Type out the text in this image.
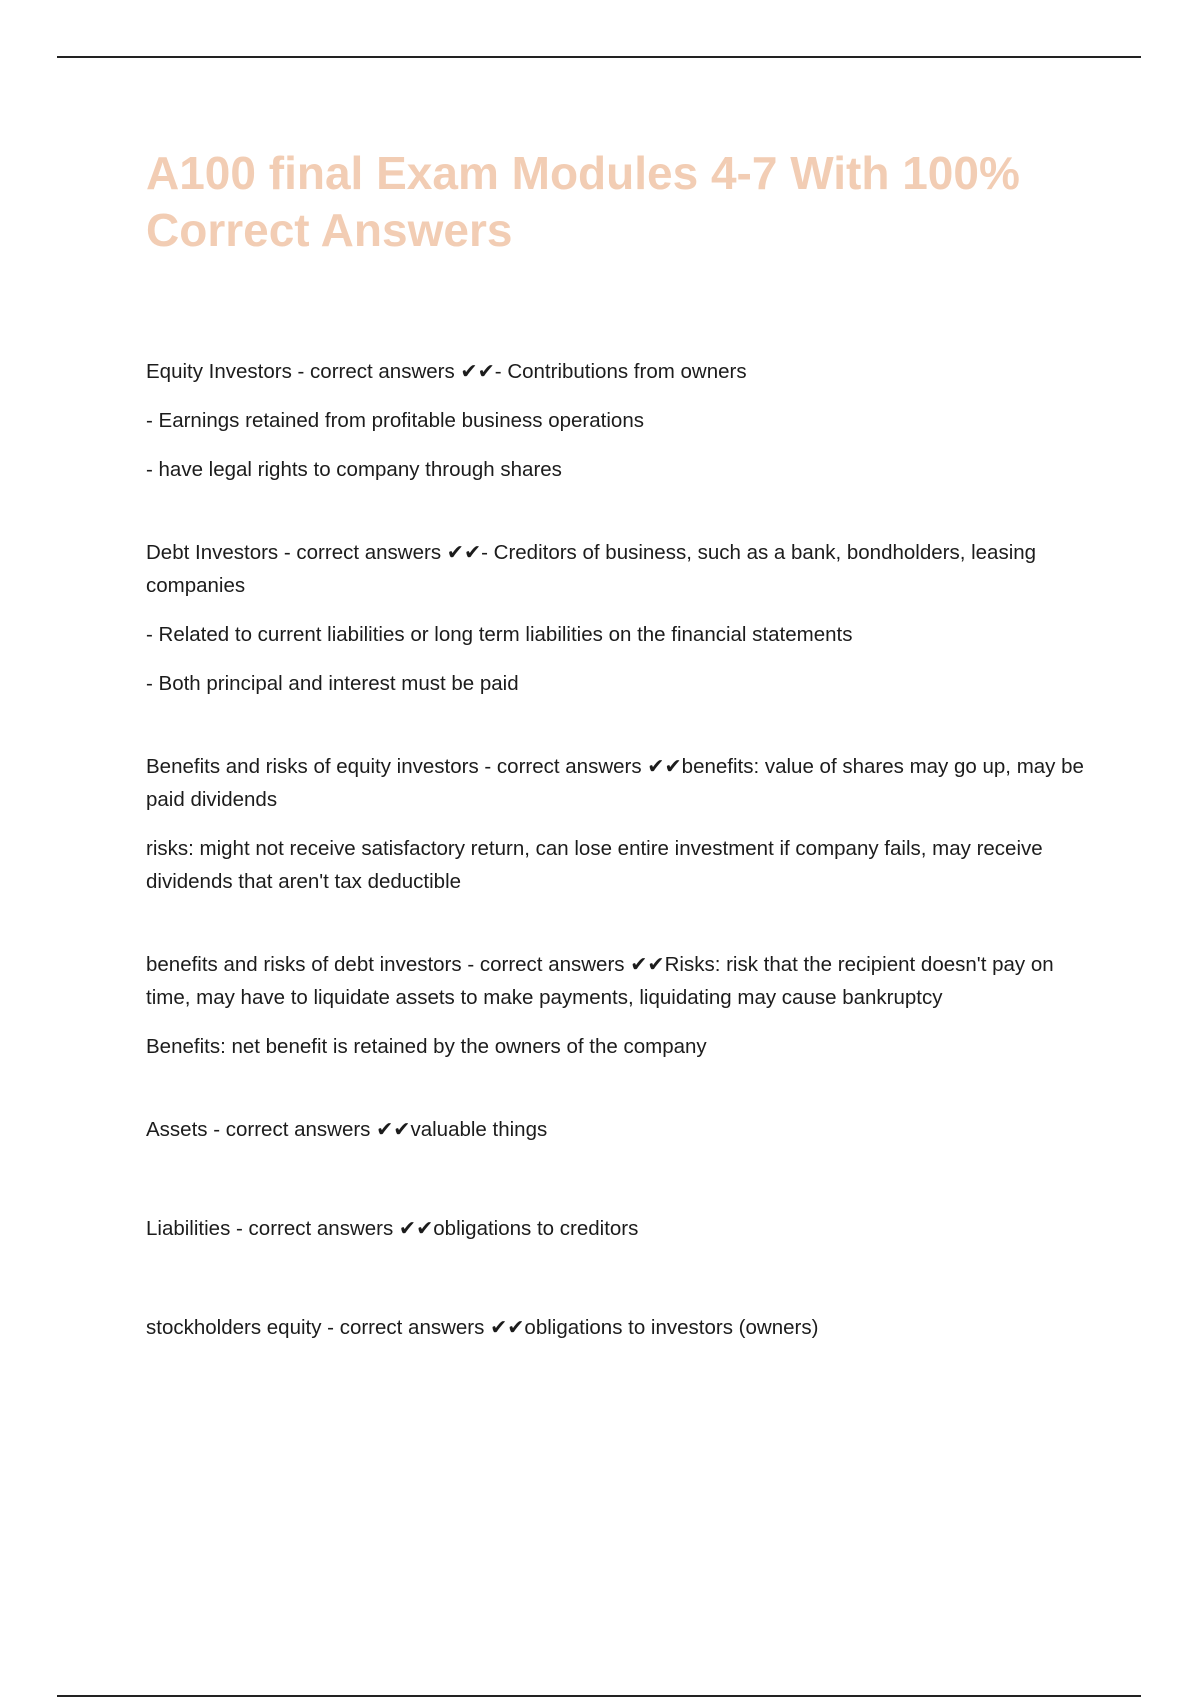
A100 final Exam Modules 4-7 With 100% Correct Answers

Equity Investors - correct answers ✔✔- Contributions from owners

- Earnings retained from profitable business operations

- have legal rights to company through shares

Debt Investors - correct answers ✔✔- Creditors of business, such as a bank, bondholders, leasing companies

- Related to current liabilities or long term liabilities on the financial statements

- Both principal and interest must be paid

Benefits and risks of equity investors - correct answers ✔✔benefits: value of shares may go up, may be paid dividends

risks: might not receive satisfactory return, can lose entire investment if company fails, may receive dividends that aren't tax deductible

benefits and risks of debt investors - correct answers ✔✔Risks: risk that the recipient doesn't pay on time, may have to liquidate assets to make payments, liquidating may cause bankruptcy

Benefits: net benefit is retained by the owners of the company

Assets - correct answers ✔✔valuable things

Liabilities - correct answers ✔✔obligations to creditors

stockholders equity - correct answers ✔✔obligations to investors (owners)
